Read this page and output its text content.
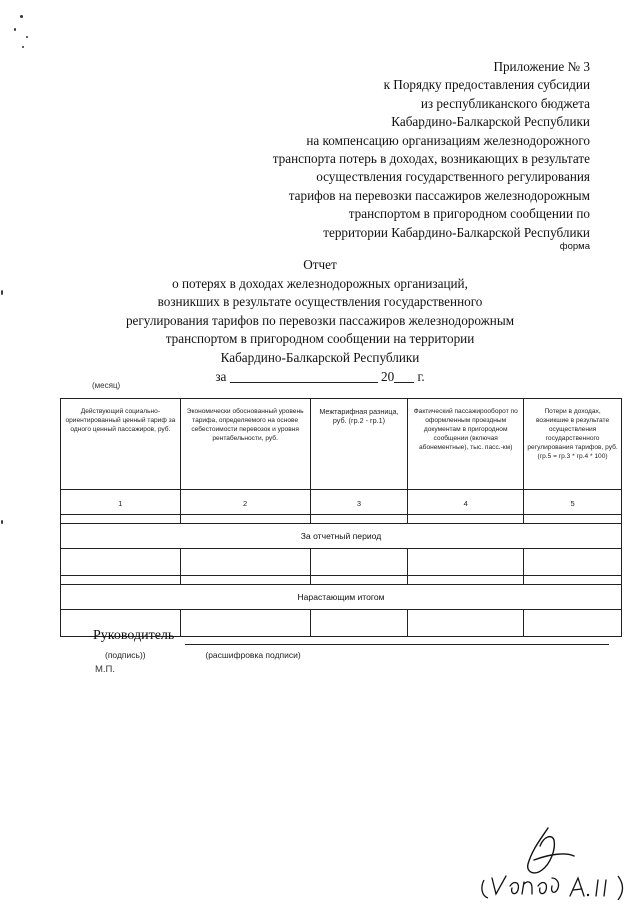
Приложение № 3
к Порядку предоставления субсидии
из республиканского бюджета
Кабардино-Балкарской Республики
на компенсацию организациям железнодорожного
транспорта потерь в доходах, возникающих в результате
осуществления государственного регулирования
тарифов на перевозки пассажиров железнодорожным
транспортом в пригородном сообщении по
территории Кабардино-Балкарской Республики
форма
Отчет
о потерях в доходах железнодорожных организаций,
возникших в результате осуществления государственного
регулирования тарифов по перевозки пассажиров железнодорожным
транспортом в пригородном сообщении на территории
Кабардино-Балкарской Республики
за	20 г.
(месяц)
Действующий социально-ориентированный ценный тариф за одного ценный пассажиров, руб.	Экономически обоснованный уровень тарифа, определяемого на основе себестоимости перевозок и уровня рентабельности, руб.	Межтарифная разница, руб. (гр.2 - гр.1)	Фактический пассажирооборот по оформленным проездным документам в пригородном сообщении (включая абонементные), тыс. пасс.-км)	Потери в доходах, возникшие в результате осуществления государственного регулирования тарифов, руб. (гр.5 = гр.3 * гр.4 * 100)
1	2	3	4	5

За отчетный период				

Нарастающим итогом				

Руководитель
(подпись))	(расшифровка подписи)
М.П.
